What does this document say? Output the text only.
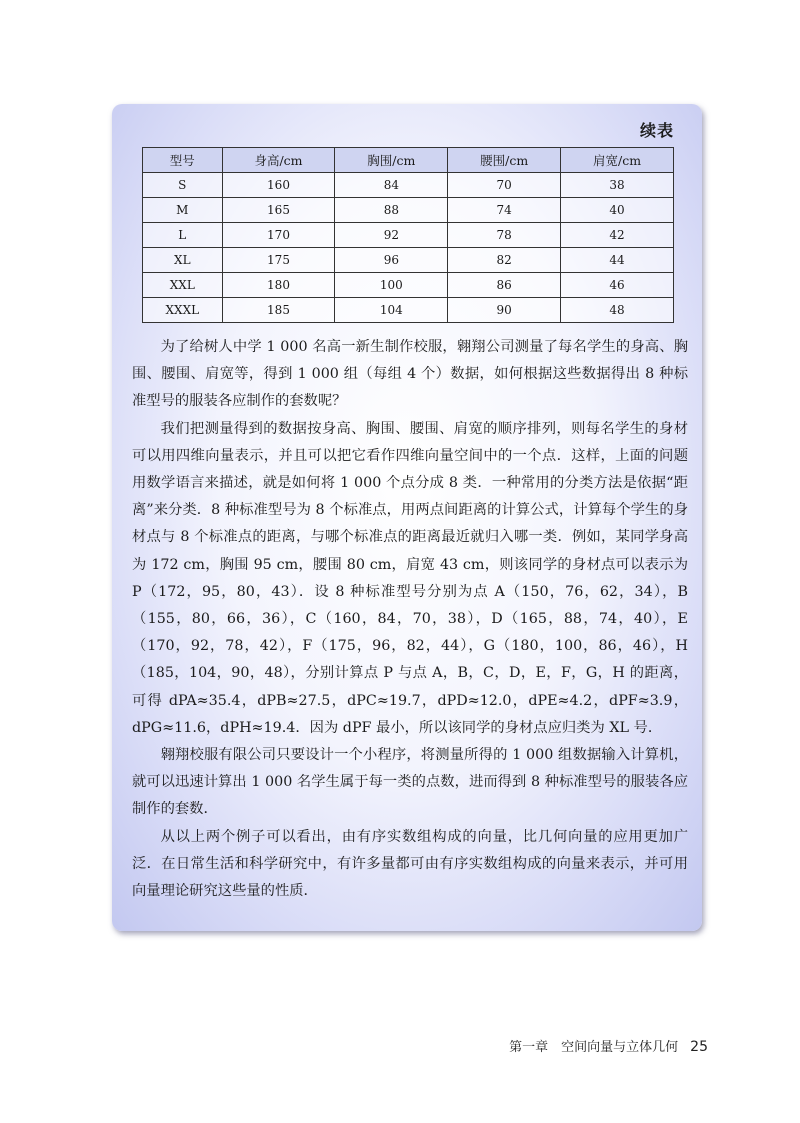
续表
型号	身高/cm	胸围/cm	腰围/cm	肩宽/cm
S	160	84	70	38
M	165	88	74	40
L	170	92	78	42
XL	175	96	82	44
XXL	180	100	86	46
XXXL	185	104	90	48

为了给树人中学 1 000 名高一新生制作校服，翱翔公司测量了每名学生的身高、胸围、腰围、肩宽等，得到 1 000 组（每组 4 个）数据，如何根据这些数据得出 8 种标准型号的服装各应制作的套数呢？

我们把测量得到的数据按身高、胸围、腰围、肩宽的顺序排列，则每名学生的身材可以用四维向量表示，并且可以把它看作四维向量空间中的一个点．这样，上面的问题用数学语言来描述，就是如何将 1 000 个点分成 8 类．一种常用的分类方法是依据“距离”来分类．8 种标准型号为 8 个标准点，用两点间距离的计算公式，计算每个学生的身材点与 8 个标准点的距离，与哪个标准点的距离最近就归入哪一类．例如，某同学身高为 172 cm，胸围 95 cm，腰围 80 cm，肩宽 43 cm，则该同学的身材点可以表示为 P（172，95，80，43）．设 8 种标准型号分别为点 A（150，76，62，34），B（155，80，66，36），C（160，84，70，38），D（165，88，74，40），E（170，92，78，42），F（175，96，82，44），G（180，100，86，46），H（185，104，90，48），分别计算点 P 与点 A，B，C，D，E，F，G，H 的距离，可得 dPA≈35.4，dPB≈27.5，dPC≈19.7，dPD≈12.0，dPE≈4.2，dPF≈3.9，dPG≈11.6，dPH≈19.4．因为 dPF 最小，所以该同学的身材点应归类为 XL 号．

翱翔校服有限公司只要设计一个小程序，将测量所得的 1 000 组数据输入计算机，就可以迅速计算出 1 000 名学生属于每一类的点数，进而得到 8 种标准型号的服装各应制作的套数．

从以上两个例子可以看出，由有序实数组构成的向量，比几何向量的应用更加广泛．在日常生活和科学研究中，有许多量都可由有序实数组构成的向量来表示，并可用向量理论研究这些量的性质．

第一章　空间向量与立体几何 25
